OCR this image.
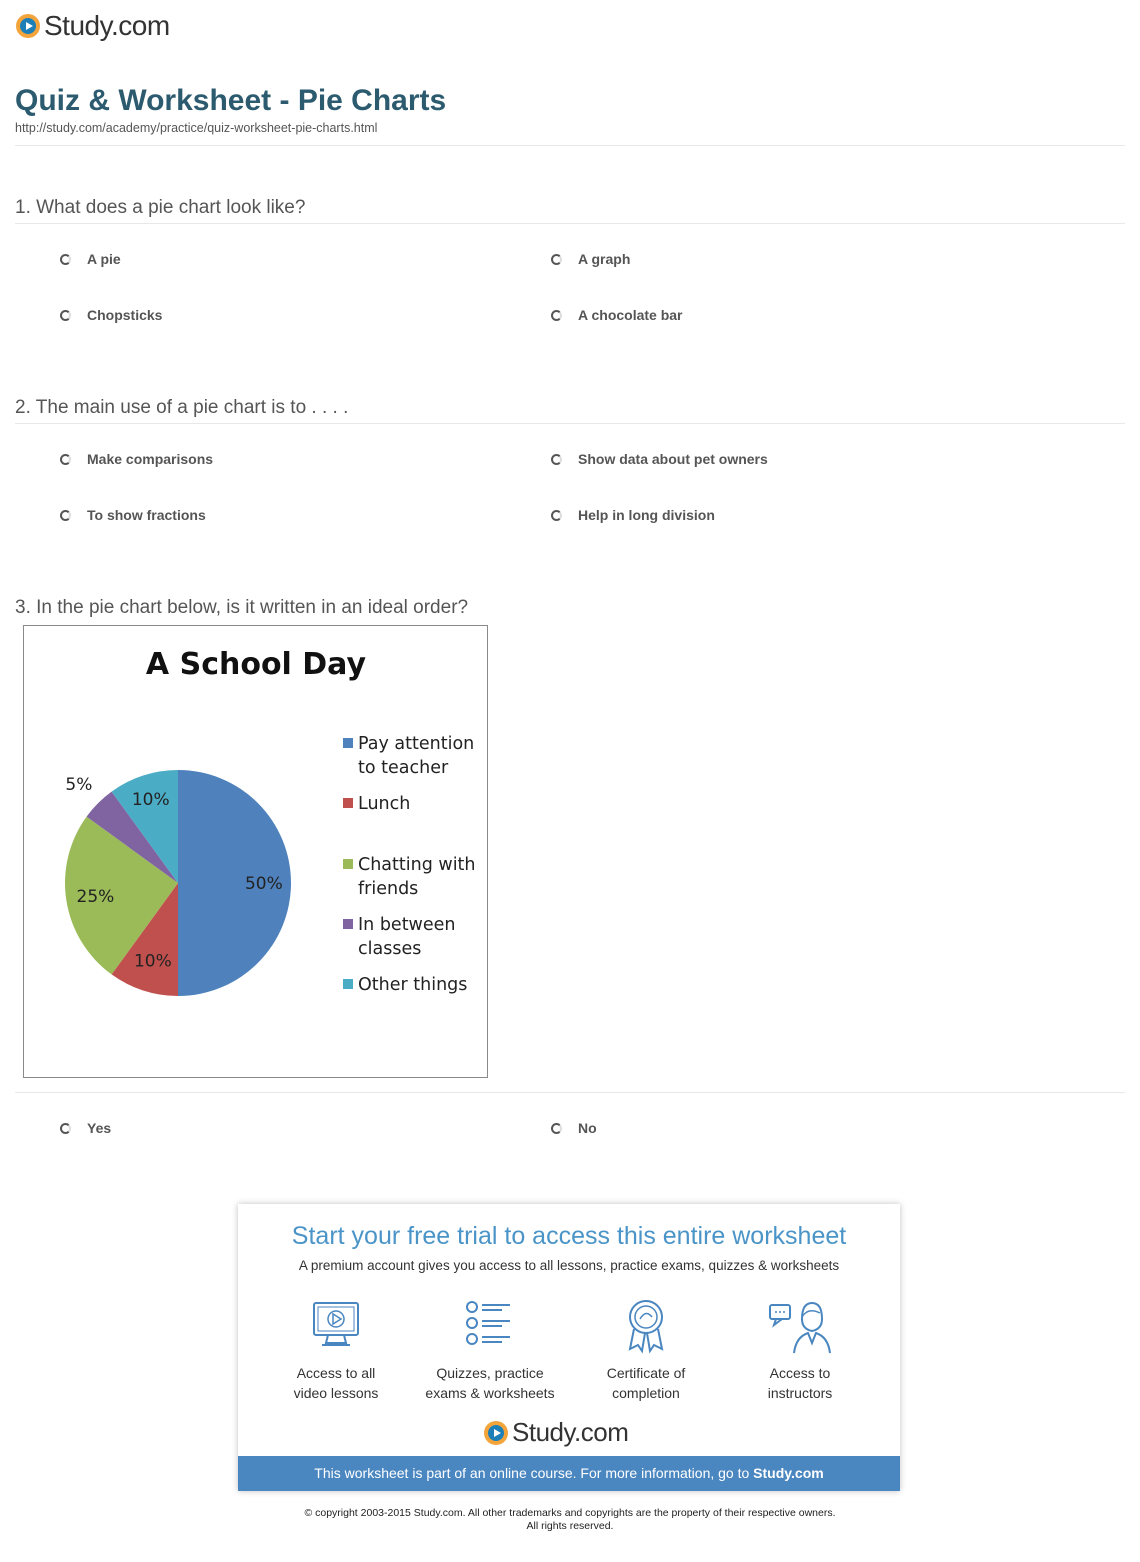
Study.com
Quiz & Worksheet - Pie Charts
http://study.com/academy/practice/quiz-worksheet-pie-charts.html
1. What does a pie chart look like?
A pie	A graph
Chopsticks	A chocolate bar
2. The main use of a pie chart is to . . . .
Make comparisons	Show data about pet owners
To show fractions	Help in long division
3. In the pie chart below, is it written in an ideal order?
A School Day
50%
10%
25%
5%
10%
Pay attention
to teacher
Lunch
Chatting with
friends
In between
classes
Other things
Yes	No
Start your free trial to access this entire worksheet
A premium account gives you access to all lessons, practice exams, quizzes & worksheets
Access to all
video lessons
Quizzes, practice
exams & worksheets
Certificate of
completion
Access to
instructors
Study.com
This worksheet is part of an online course. For more information, go to Study.com
© copyright 2003-2015 Study.com. All other trademarks and copyrights are the property of their respective owners.
All rights reserved.
